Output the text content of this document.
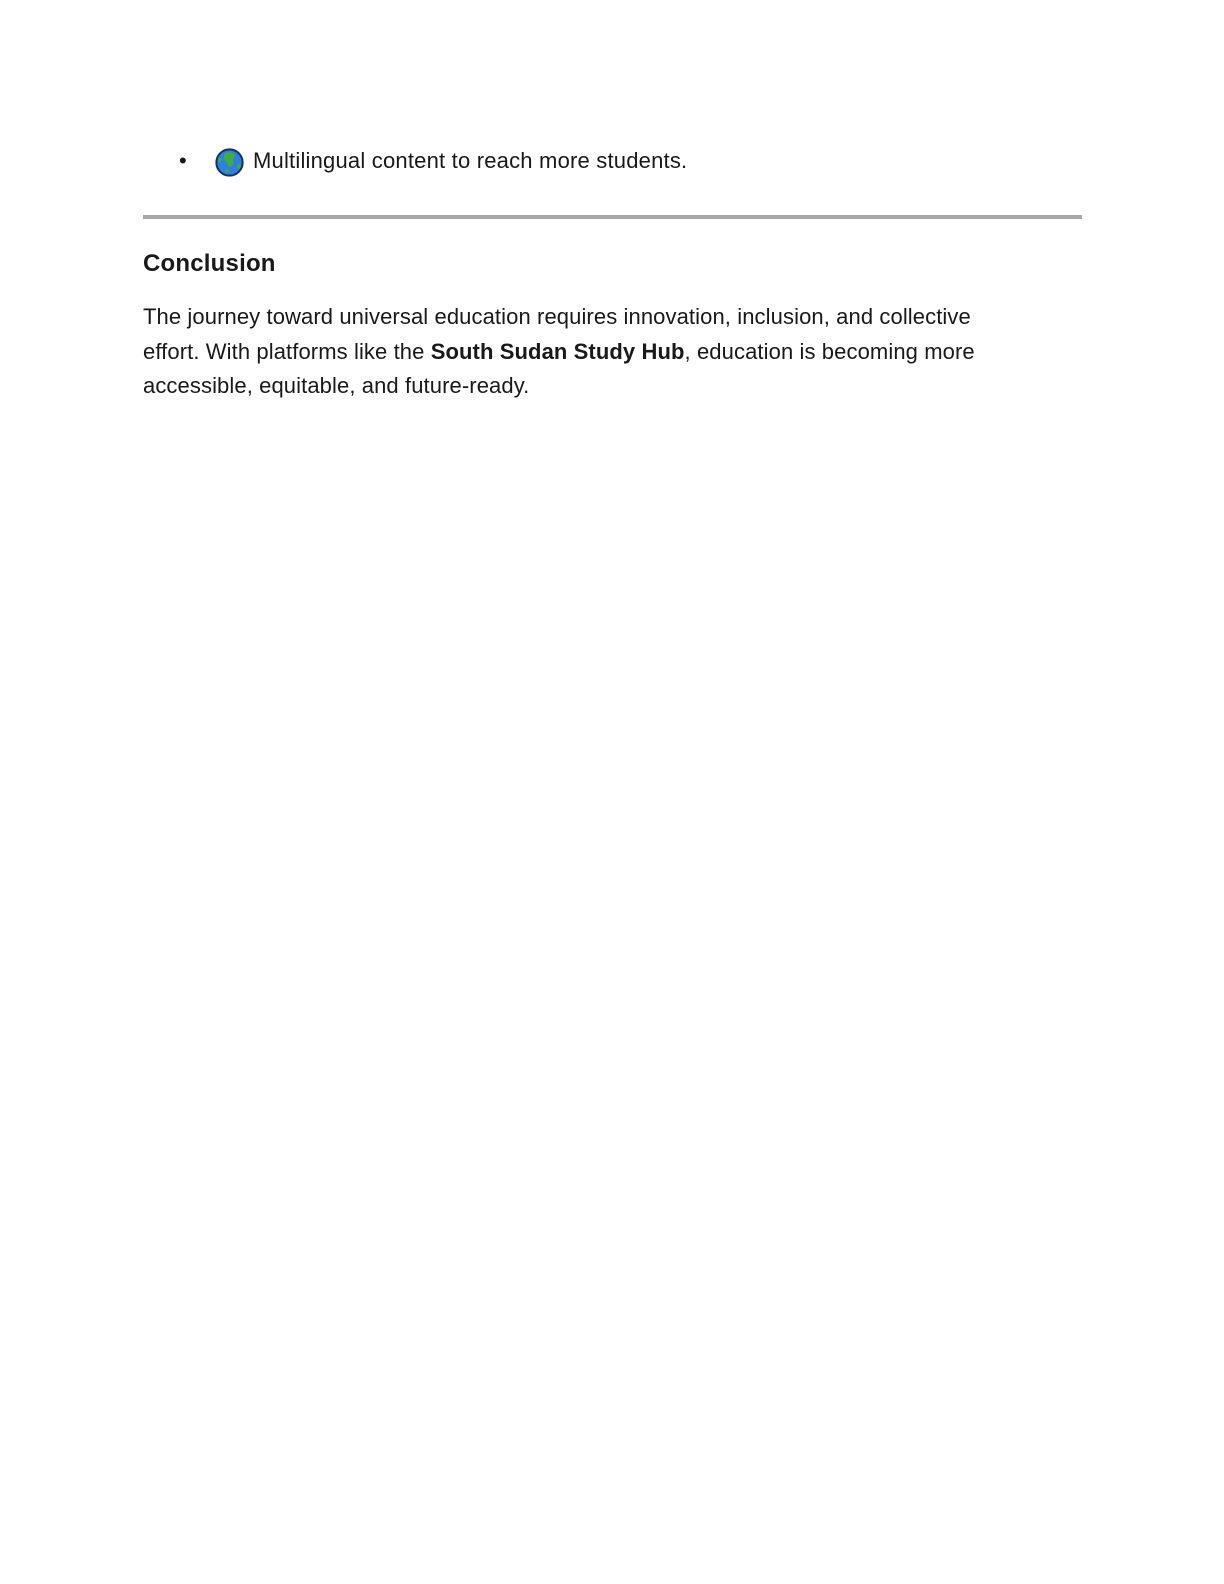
•	Multilingual content to reach more students.
Conclusion

The journey toward universal education requires innovation, inclusion, and collective effort. With platforms like the South Sudan Study Hub, education is becoming more accessible, equitable, and future-ready.
